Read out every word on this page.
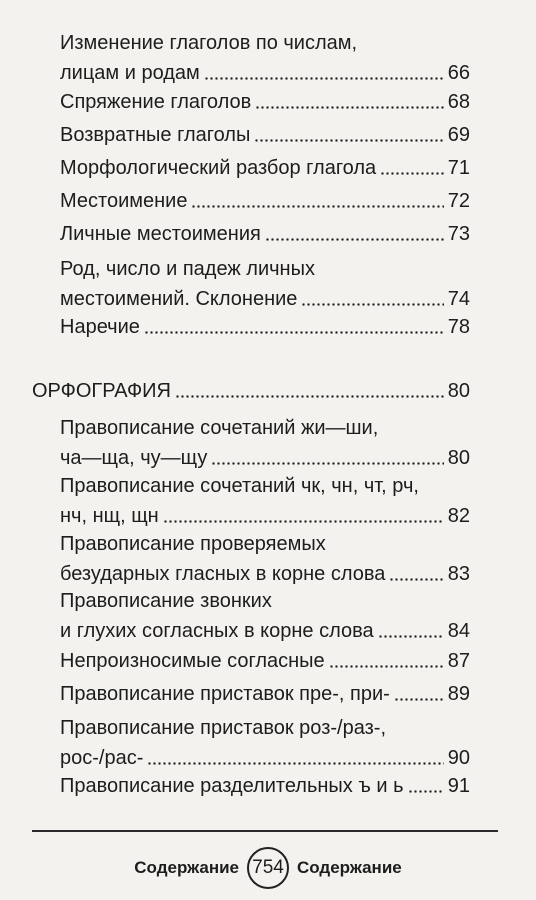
Изменение глаголов по числам,
лицам и родам	66
Спряжение глаголов	68
Возвратные глаголы	69
Морфологический разбор глагола	71
Местоимение	72
Личные местоимения	73
Род, число и падеж личных
местоимений. Склонение	74
Наречие	78
ОРФОГРАФИЯ	80
Правописание сочетаний жи—ши,
ча—ща, чу—щу	80
Правописание сочетаний чк, чн, чт, рч,
нч, нщ, щн	82
Правописание проверяемых
безударных гласных в корне слова	83
Правописание звонких
и глухих согласных в корне слова	84
Непроизносимые согласные	87
Правописание приставок пре-, при-	89
Правописание приставок роз-/раз-,
рос-/рас-	90
Правописание разделительных ъ и ь 91
Содержание 754 Содержание
